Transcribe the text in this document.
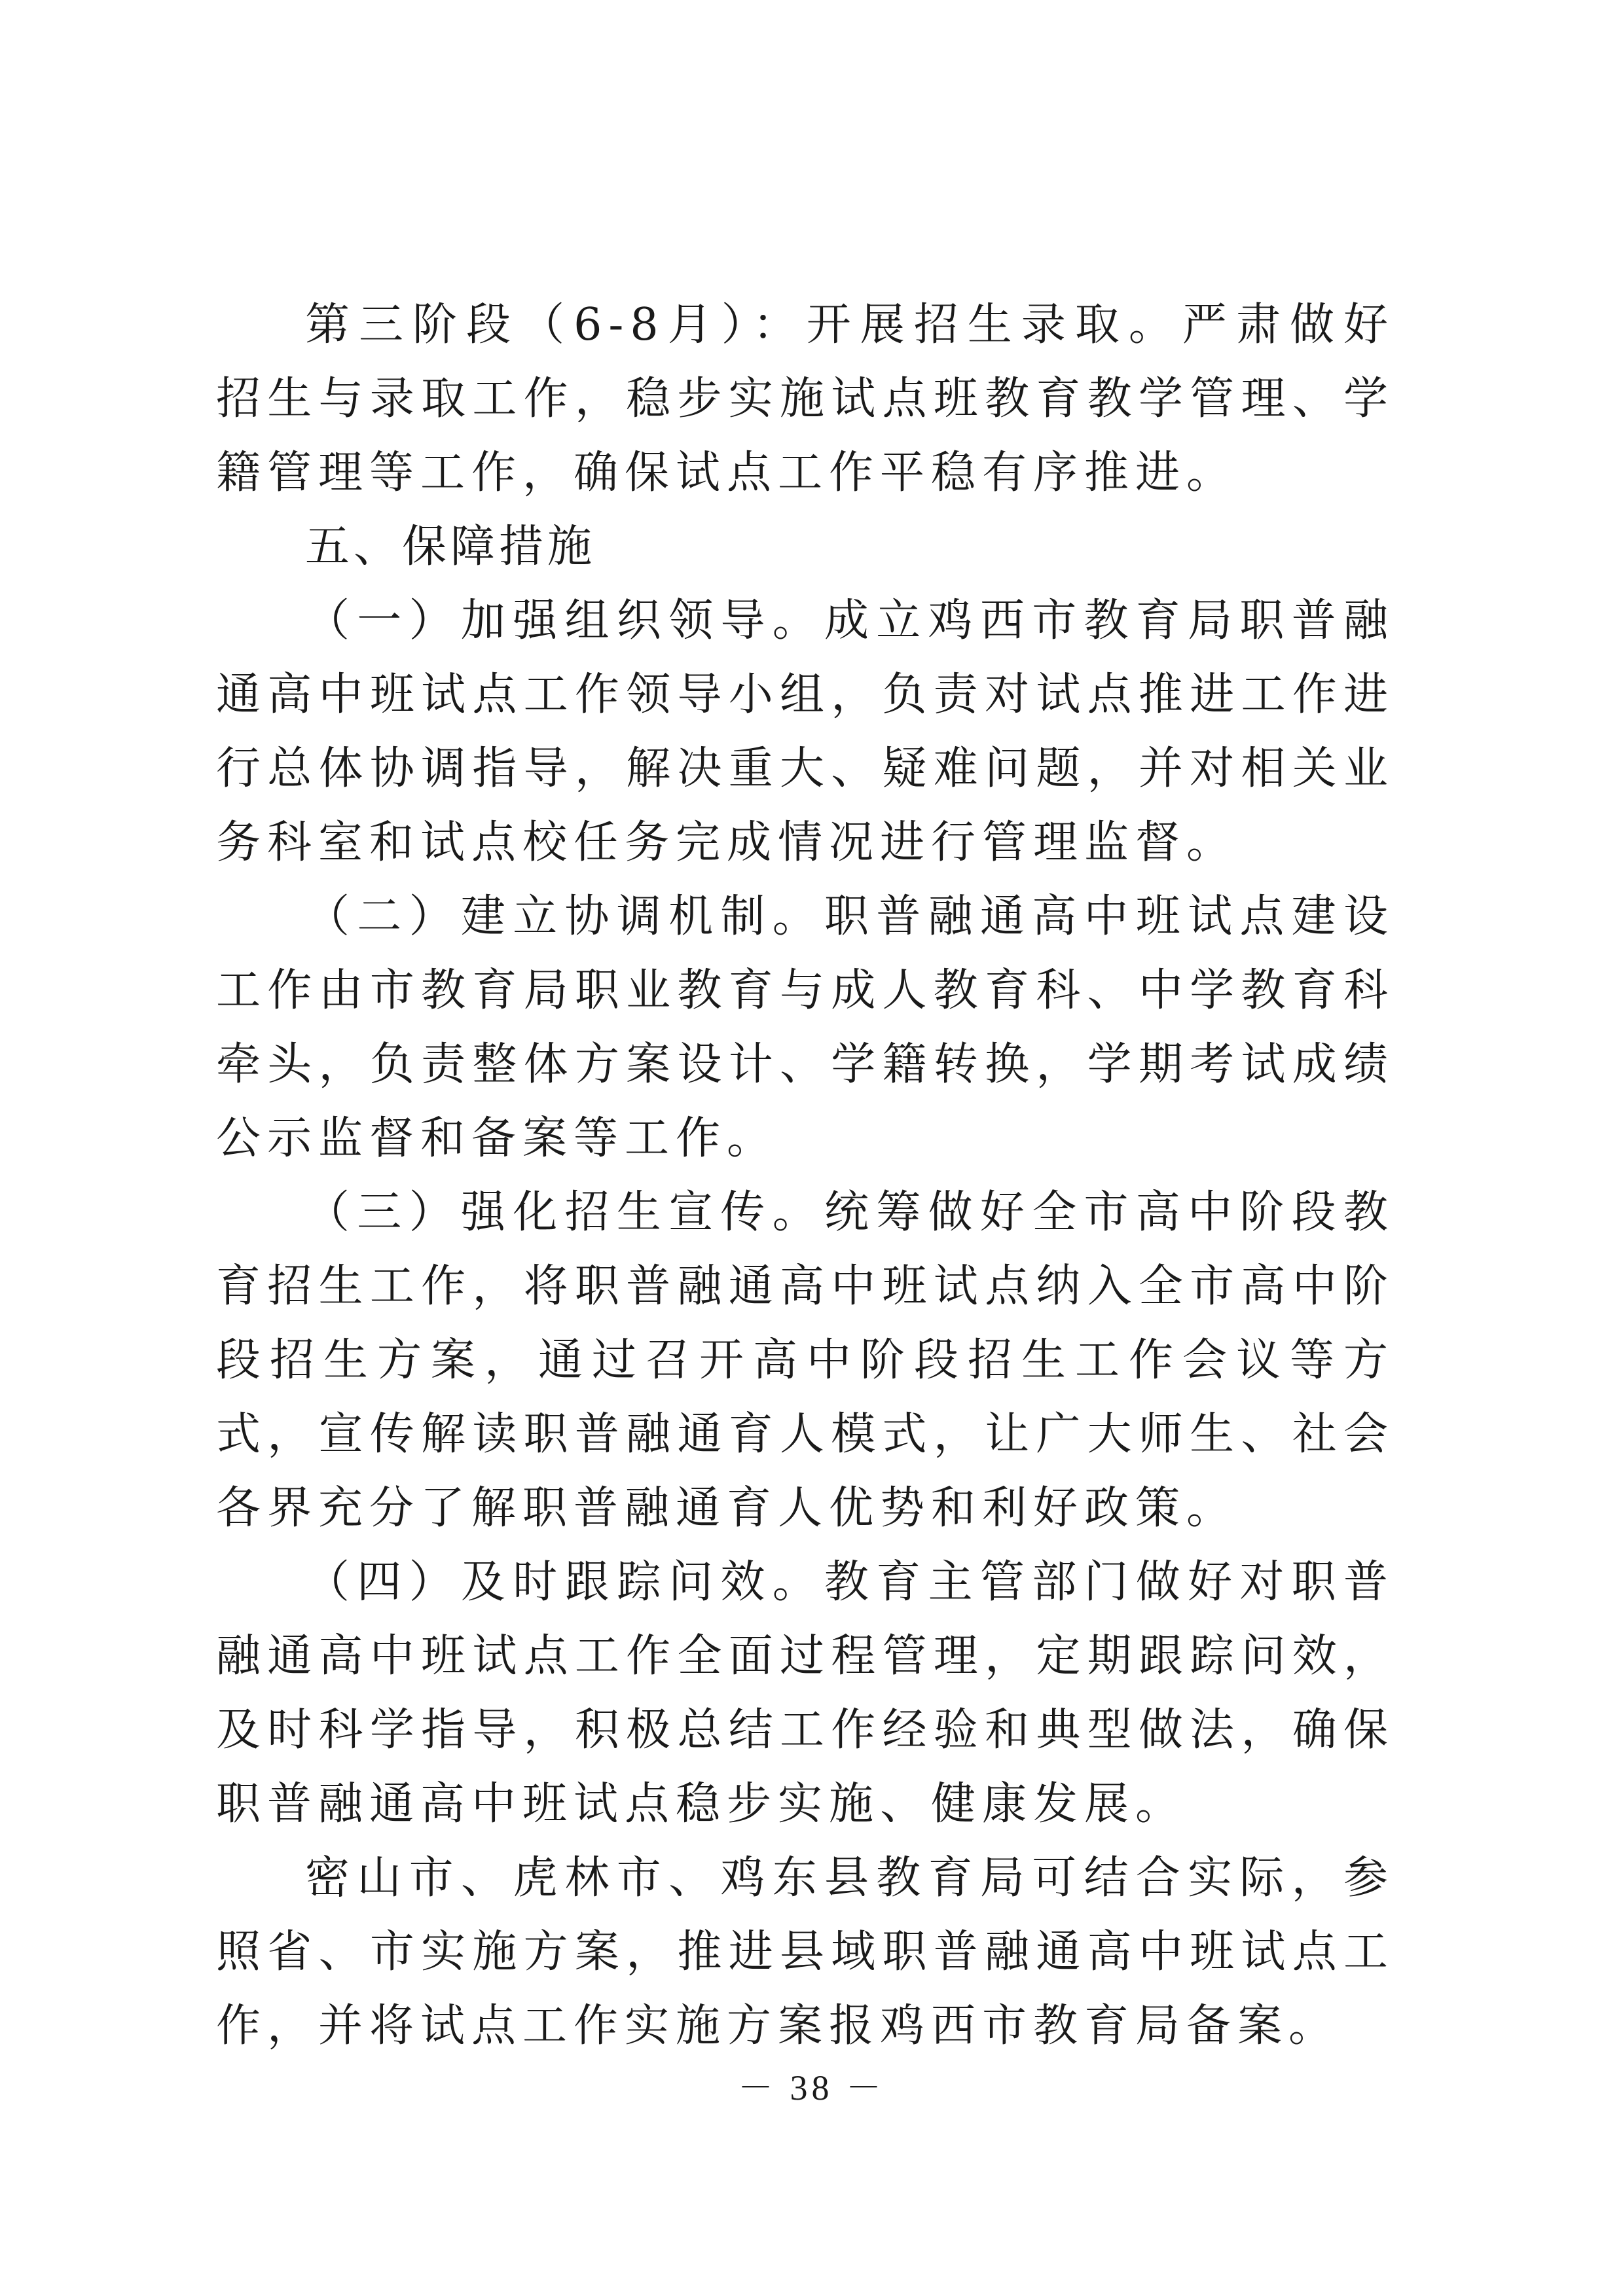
第三阶段（6-8月）：开展招生录取。严肃做好招生与录取工作，稳步实施试点班教育教学管理、学籍管理等工作，确保试点工作平稳有序推进。

五、保障措施

（一）加强组织领导。成立鸡西市教育局职普融通高中班试点工作领导小组，负责对试点推进工作进行总体协调指导，解决重大、疑难问题，并对相关业务科室和试点校任务完成情况进行管理监督。

（二）建立协调机制。职普融通高中班试点建设工作由市教育局职业教育与成人教育科、中学教育科牵头，负责整体方案设计、学籍转换，学期考试成绩公示监督和备案等工作。

（三）强化招生宣传。统筹做好全市高中阶段教育招生工作，将职普融通高中班试点纳入全市高中阶段招生方案，通过召开高中阶段招生工作会议等方式，宣传解读职普融通育人模式，让广大师生、社会各界充分了解职普融通育人优势和利好政策。

（四）及时跟踪问效。教育主管部门做好对职普融通高中班试点工作全面过程管理，定期跟踪问效，及时科学指导，积极总结工作经验和典型做法，确保职普融通高中班试点稳步实施、健康发展。

密山市、虎林市、鸡东县教育局可结合实际，参照省、市实施方案，推进县域职普融通高中班试点工作，并将试点工作实施方案报鸡西市教育局备案。

－ 38 －
